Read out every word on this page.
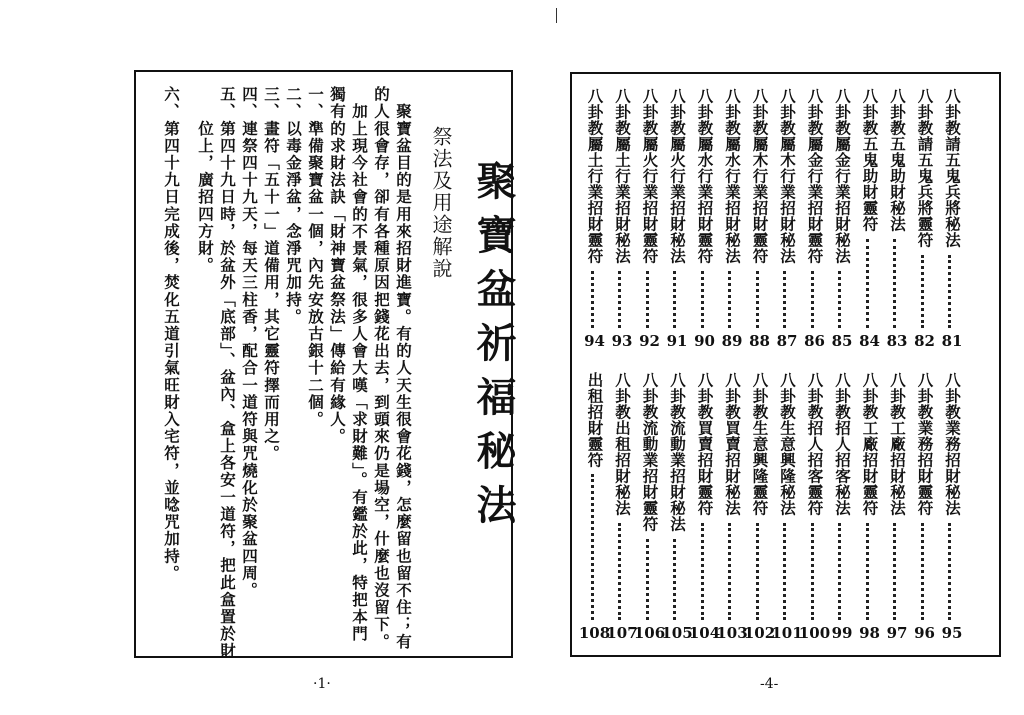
聚寶盆祈福秘法
祭法及用途解說
　聚寶盆目的是用來招財進寶。有的人天生很會花錢，怎麼留也留不住；有
的人很會存，卻有各種原因把錢花出去，到頭來仍是場空，什麼也沒留下。
　加上現今社會的不景氣，很多人會大嘆「求財難」。有鑑於此，特把本門
獨有的求財法訣「財神寶盆祭法」傳給有緣人。
一、準備聚寶盆一個，內先安放古銀十二個。
二、以毒金淨盆，念淨咒加持。
三、畫符「五十一」道備用，其它靈符擇而用之。
四、連祭四十九天，每天三柱香，配合一道符與咒燒化於聚盆四周。
五、第四十九日時，於盆外「底部」、盆內、盒上各安一道符，把此盒置於財
　　位上，廣招四方財。
六、第四十九日完成後，焚化五道引氣旺財入宅符，並唸咒加持。
·1·
八卦教請五鬼兵將秘法
81
八卦教請五鬼兵將靈符
82
八卦教五鬼助財秘法
83
八卦教五鬼助財靈符
84
八卦教屬金行業招財秘法
85
八卦教屬金行業招財靈符
86
八卦教屬木行業招財秘法
87
八卦教屬木行業招財靈符
88
八卦教屬水行業招財秘法
89
八卦教屬水行業招財靈符
90
八卦教屬火行業招財秘法
91
八卦教屬火行業招財靈符
92
八卦教屬土行業招財秘法
93
八卦教屬土行業招財靈符
94
八卦教業務招財秘法
95
八卦教業務招財靈符
96
八卦教工廠招財秘法
97
八卦教工廠招財靈符
98
八卦教招人招客秘法
99
八卦教招人招客靈符
100
八卦教生意興隆秘法
101
八卦教生意興隆靈符
102
八卦教買賣招財秘法
103
八卦教買賣招財靈符
104
八卦教流動業招財秘法
105
八卦教流動業招財靈符
106
八卦教出租招財秘法
107
出租招財靈符
108
-4-
